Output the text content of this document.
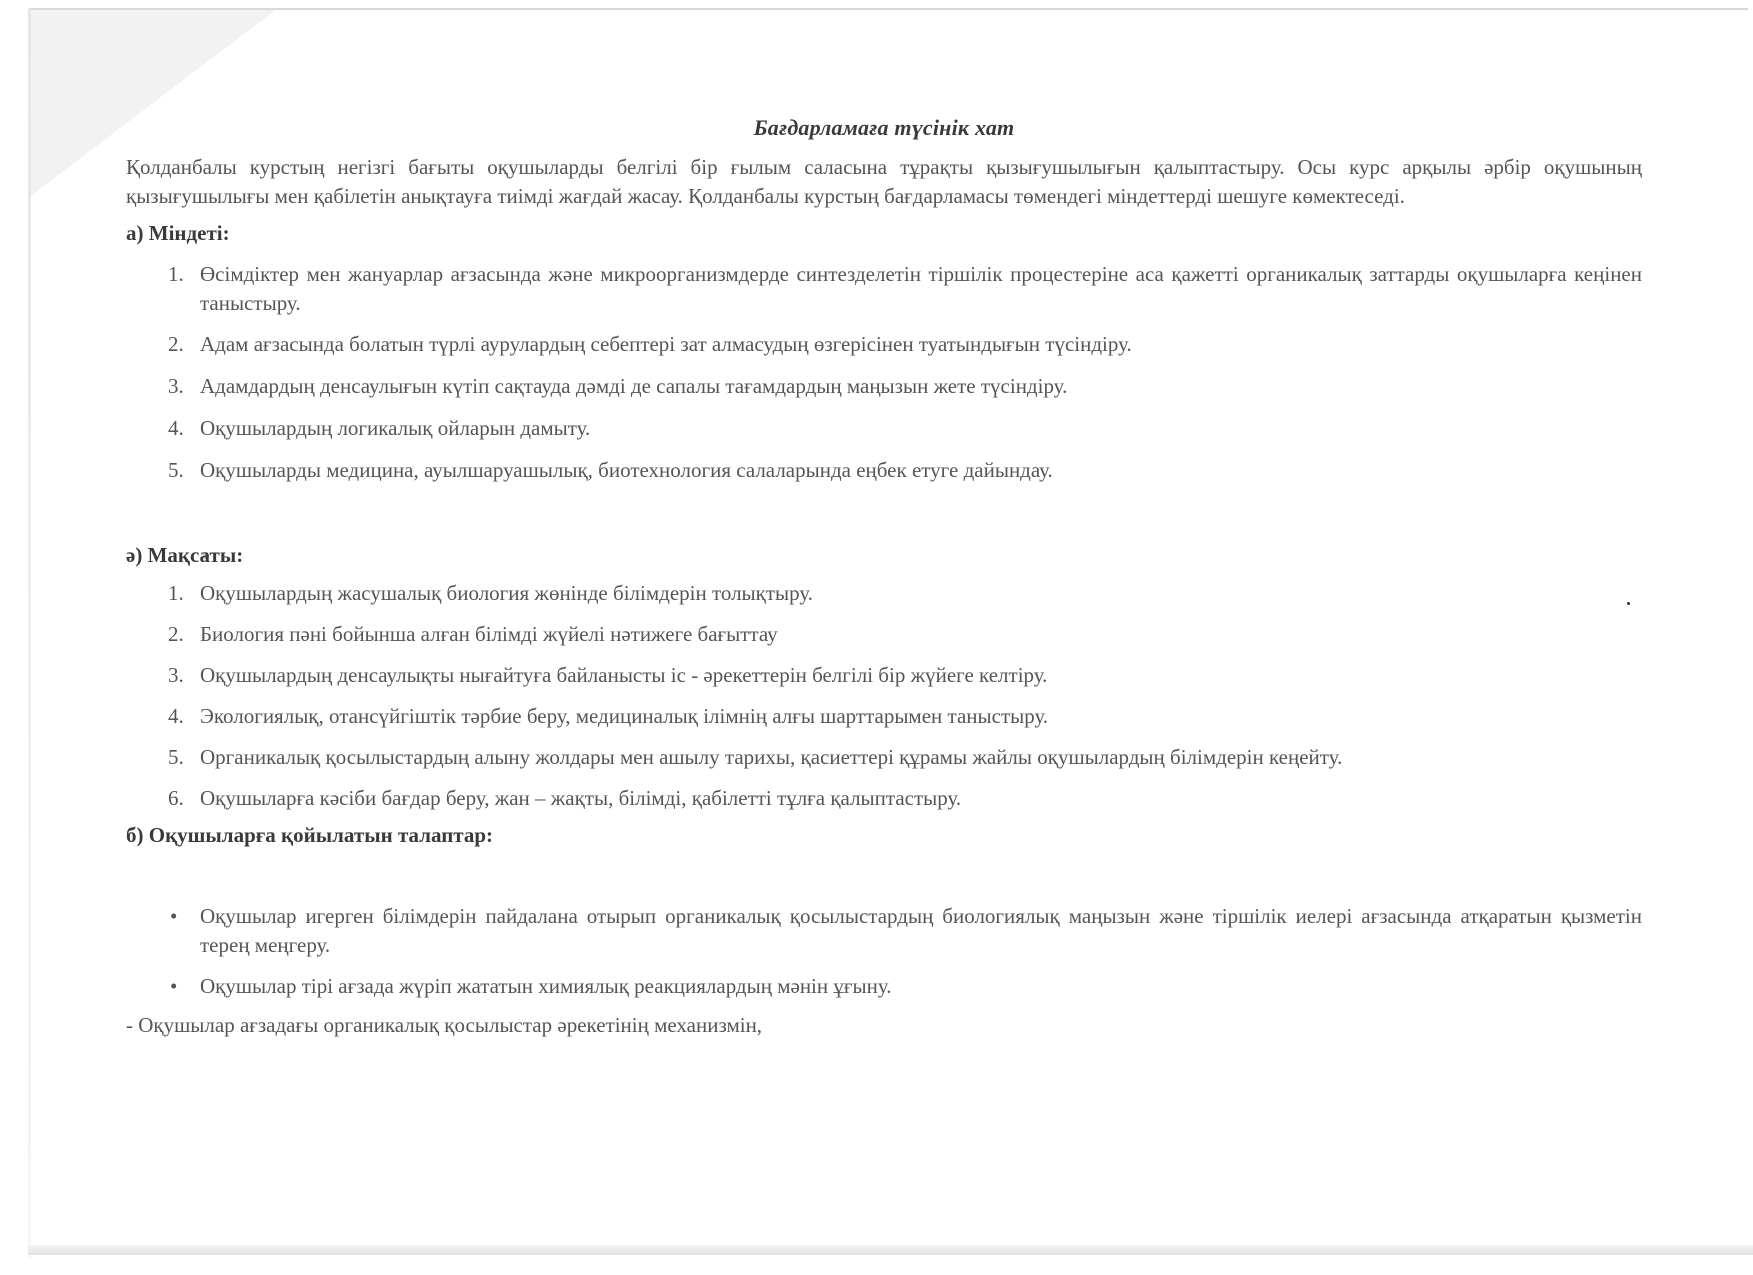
Бағдарламаға түсінік хат
Қолданбалы курстың негізгі бағыты оқушыларды белгілі бір ғылым саласына тұрақты қызығушылығын қалыптастыру. Осы курс арқылы әрбір оқушының қызығушылығы мен қабілетін анықтауға тиімді жағдай жасау. Қолданбалы курстың бағдарламасы төмендегі міндеттерді шешуге көмектеседі.
а) Міндеті:
1. Өсімдіктер мен жануарлар ағзасында және микроорганизмдерде синтезделетін тіршілік процестеріне аса қажетті органикалық заттарды оқушыларға кеңінен таныстыру.
2. Адам ағзасында болатын түрлі аурулардың себептері зат алмасудың өзгерісінен туатындығын түсіндіру.
3. Адамдардың денсаулығын күтіп сақтауда дәмді де сапалы тағамдардың маңызын жете түсіндіру.
4. Оқушылардың логикалық ойларын дамыту.
5. Оқушыларды медицина, ауылшаруашылық, биотехнология салаларында еңбек етуге дайындау.
ә) Мақсаты:
1. Оқушылардың жасушалық биология жөнінде білімдерін толықтыру.
2. Биология пәні бойынша алған білімді жүйелі нәтижеге бағыттау
3. Оқушылардың денсаулықты нығайтуға байланысты іс - әрекеттерін белгілі бір жүйеге келтіру.
4. Экологиялық, отансүйгіштік тәрбие беру, медициналық ілімнің алғы шарттарымен таныстыру.
5. Органикалық қосылыстардың алыну жолдары мен ашылу тарихы, қасиеттері құрамы жайлы оқушылардың білімдерін кеңейту.
6. Оқушыларға кәсіби бағдар беру, жан – жақты, білімді, қабілетті тұлға қалыптастыру.
б) Оқушыларға қойылатын талаптар:
• Оқушылар игерген білімдерін пайдалана отырып органикалық қосылыстардың биологиялық маңызын және тіршілік иелері ағзасында атқаратын қызметін терең меңгеру.
• Оқушылар тірі ағзада жүріп жататын химиялық реакциялардың мәнін ұғыну.
- Оқушылар ағзадағы органикалық қосылыстар әрекетінің механизмін,
